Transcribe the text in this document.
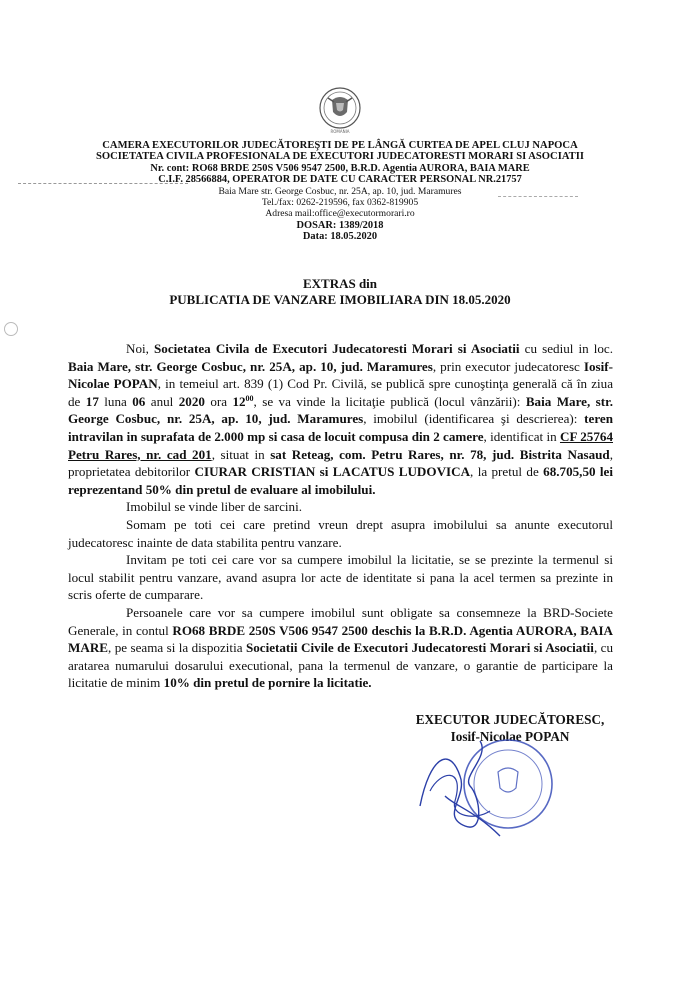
ROMANIA
CAMERA EXECUTORILOR JUDECĂTOREŞTI DE PE LÂNGĂ CURTEA DE APEL CLUJ NAPOCA
SOCIETATEA CIVILA PROFESIONALA DE EXECUTORI JUDECATORESTI MORARI SI ASOCIATII
Nr. cont: RO68 BRDE 250S V506 9547 2500, B.R.D. Agentia AURORA, BAIA MARE
C.I.F. 28566884, OPERATOR DE DATE CU CARACTER PERSONAL NR.21757
Baia Mare str. George Cosbuc, nr. 25A, ap. 10, jud. Maramures
Tel./fax: 0262-219596, fax 0362-819905
Adresa mail:office@executormorari.ro
DOSAR: 1389/2018
Data: 18.05.2020
EXTRAS din
PUBLICATIA DE VANZARE IMOBILIARA DIN 18.05.2020

Noi, Societatea Civila de Executori Judecatoresti Morari si Asociatii cu sediul in loc. Baia Mare, str. George Cosbuc, nr. 25A, ap. 10, jud. Maramures, prin executor judecatoresc Iosif-Nicolae POPAN, in temeiul art. 839 (1) Cod Pr. Civilă, se publică spre cunoştinţa generală că în ziua de 17 luna 06 anul 2020 ora $12^{00}$, se va vinde la licitaţie publică (locul vânzării): Baia Mare, str. George Cosbuc, nr. 25A, ap. 10, jud. Maramures, imobilul (identificarea şi descrierea): teren intravilan in suprafata de 2.000 mp si casa de locuit compusa din 2 camere, identificat in CF 25764 Petru Rares, nr. cad 201, situat in sat Reteag, com. Petru Rares, nr. 78, jud. Bistrita Nasaud, proprietatea debitorilor CIURAR CRISTIAN si LACATUS LUDOVICA, la pretul de 68.705,50 lei reprezentand 50% din pretul de evaluare al imobilului.

Imobilul se vinde liber de sarcini.

Somam pe toti cei care pretind vreun drept asupra imobilului sa anunte executorul judecatoresc inainte de data stabilita pentru vanzare.

Invitam pe toti cei care vor sa cumpere imobilul la licitatie, se se prezinte la termenul si locul stabilit pentru vanzare, avand asupra lor acte de identitate si pana la acel termen sa prezinte in scris oferte de cumparare.

Persoanele care vor sa cumpere imobilul sunt obligate sa consemneze la BRD-Societe Generale, in contul RO68 BRDE 250S V506 9547 2500 deschis la B.R.D. Agentia AURORA, BAIA MARE, pe seama si la dispozitia Societatii Civile de Executori Judecatoresti Morari si Asociatii, cu aratarea numarului dosarului executional, pana la termenul de vanzare, o garantie de participare la licitatie de minim 10% din pretul de pornire la licitatie.

EXECUTOR JUDECĂTORESC,
Iosif-Nicolae POPAN
